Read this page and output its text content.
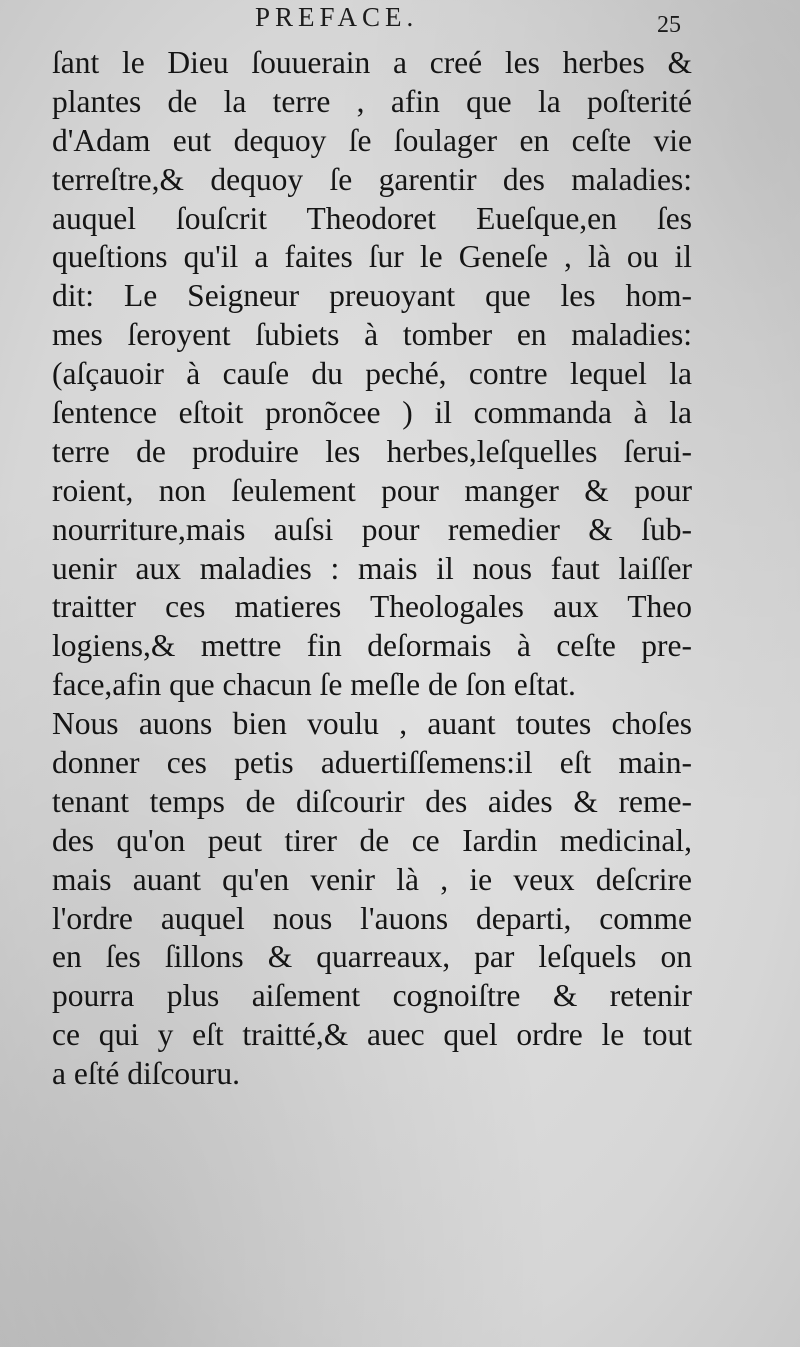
PREFACE.	25
ſant le Dieu ſouuerain a creé les herbes &
plantes de la terre , afin que la poſterité
d'Adam eut dequoy ſe ſoulager en ceſte vie
terreſtre,& dequoy ſe garentir des maladies:
auquel ſouſcrit Theodoret Eueſque,en ſes
queſtions qu'il a faites ſur le Geneſe , là ou il
dit: Le Seigneur preuoyant que les hom-
mes ſeroyent ſubiets à tomber en maladies:
(aſçauoir à cauſe du peché, contre lequel la
ſentence eſtoit pronõcee ) il commanda à la
terre de produire les herbes,leſquelles ſerui-
roient, non ſeulement pour manger & pour
nourriture,mais auſsi pour remedier & ſub-
uenir aux maladies : mais il nous faut laiſſer
traitter ces matieres Theologales aux Theo
logiens,& mettre fin deſormais à ceſte pre-
face,afin que chacun ſe meſle de ſon eſtat.
Nous auons bien voulu , auant toutes choſes
donner ces petis aduertiſſemens:il eſt main-
tenant temps de diſcourir des aides & reme-
des qu'on peut tirer de ce Iardin medicinal,
mais auant qu'en venir là , ie veux deſcrire
l'ordre auquel nous l'auons departi, comme
en ſes ſillons & quarreaux, par leſquels on
pourra plus aiſement cognoiſtre & retenir
ce qui y eſt traitté,& auec quel ordre le tout
a eſté diſcouru.
